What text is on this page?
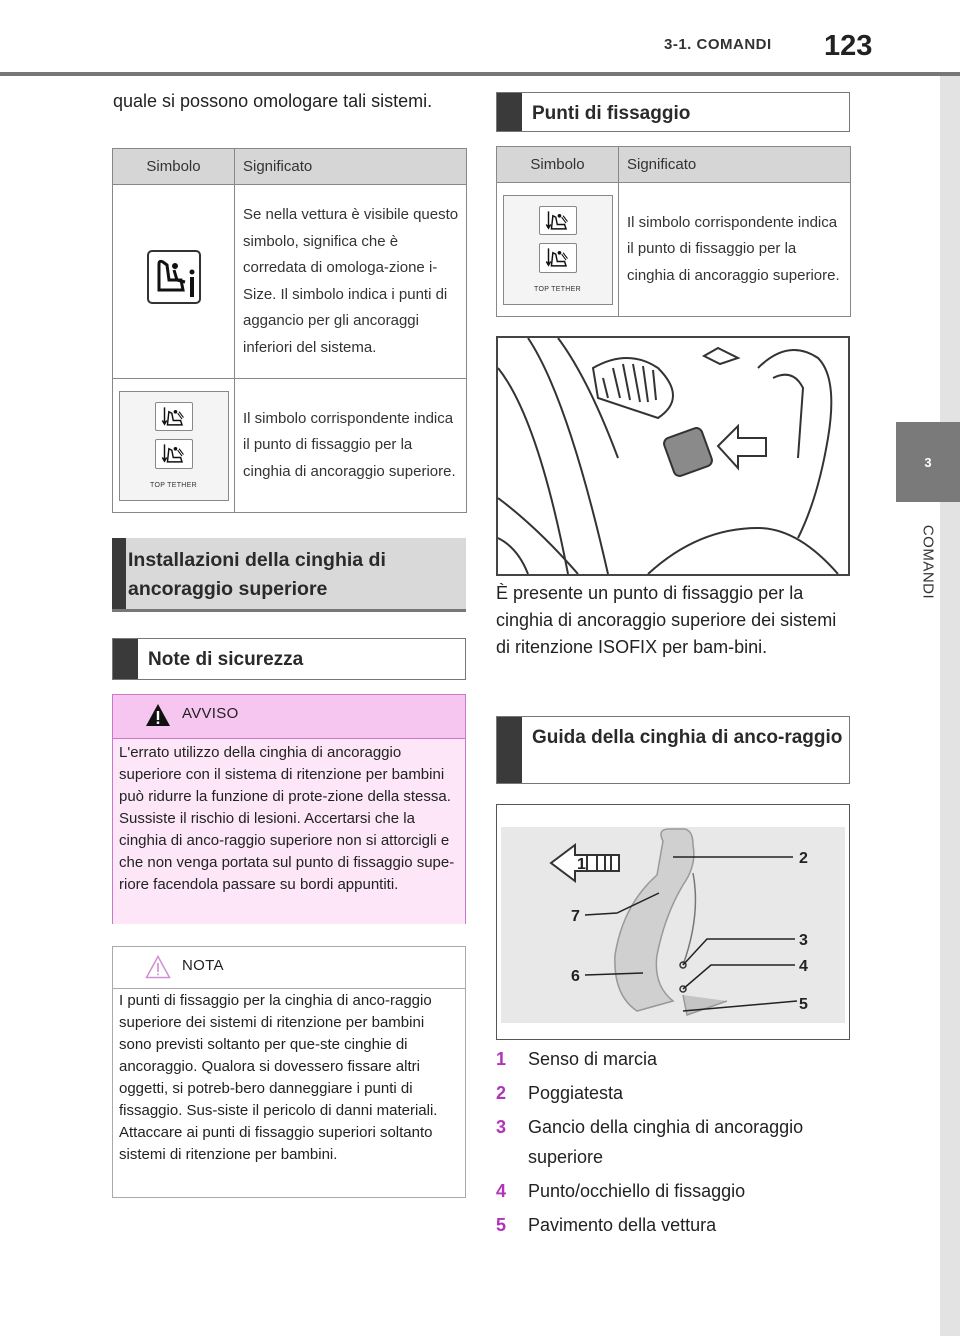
3-1. COMANDI 123
3
COMANDI

quale si possono omologare tali sistemi.

Simbolo	Significato
	Se nella vettura è visibile questo simbolo, significa che è corredata di omologa-zione i-Size. Il simbolo indica i punti di aggancio per gli ancoraggi inferiori del sistema.

TOP TETHER	Il simbolo corrispondente indica il punto di fissaggio per la cinghia di ancoraggio superiore.
Installazioni della cinghia di ancoraggio superiore
Note di sicurezza
AVVISO
L'errato utilizzo della cinghia di ancoraggio superiore con il sistema di ritenzione per bambini può ridurre la funzione di prote-zione della stessa. Sussiste il rischio di lesioni. Accertarsi che la cinghia di anco-raggio superiore non si attorcigli e che non venga portata sul punto di fissaggio supe-riore facendola passare su bordi appuntiti.
NOTA
I punti di fissaggio per la cinghia di anco-raggio superiore dei sistemi di ritenzione per bambini sono previsti soltanto per que-ste cinghie di ancoraggio. Qualora si dovessero fissare altri oggetti, si potreb-bero danneggiare i punti di fissaggio. Sus-siste il pericolo di danni materiali. Attaccare ai punti di fissaggio superiori soltanto sistemi di ritenzione per bambini.
Punti di fissaggio
Simbolo	Significato

TOP TETHER	Il simbolo corrispondente indica il punto di fissaggio per la cinghia di ancoraggio superiore.

È presente un punto di fissaggio per la cinghia di ancoraggio superiore dei sistemi di ritenzione ISOFIX per bam-bini.

Guida della cinghia di anco-raggio
1	2
3
4
5
6
7
1	Senso di marcia
2	Poggiatesta
3	Gancio della cinghia di ancoraggio superiore
4	Punto/occhiello di fissaggio
5	Pavimento della vettura
